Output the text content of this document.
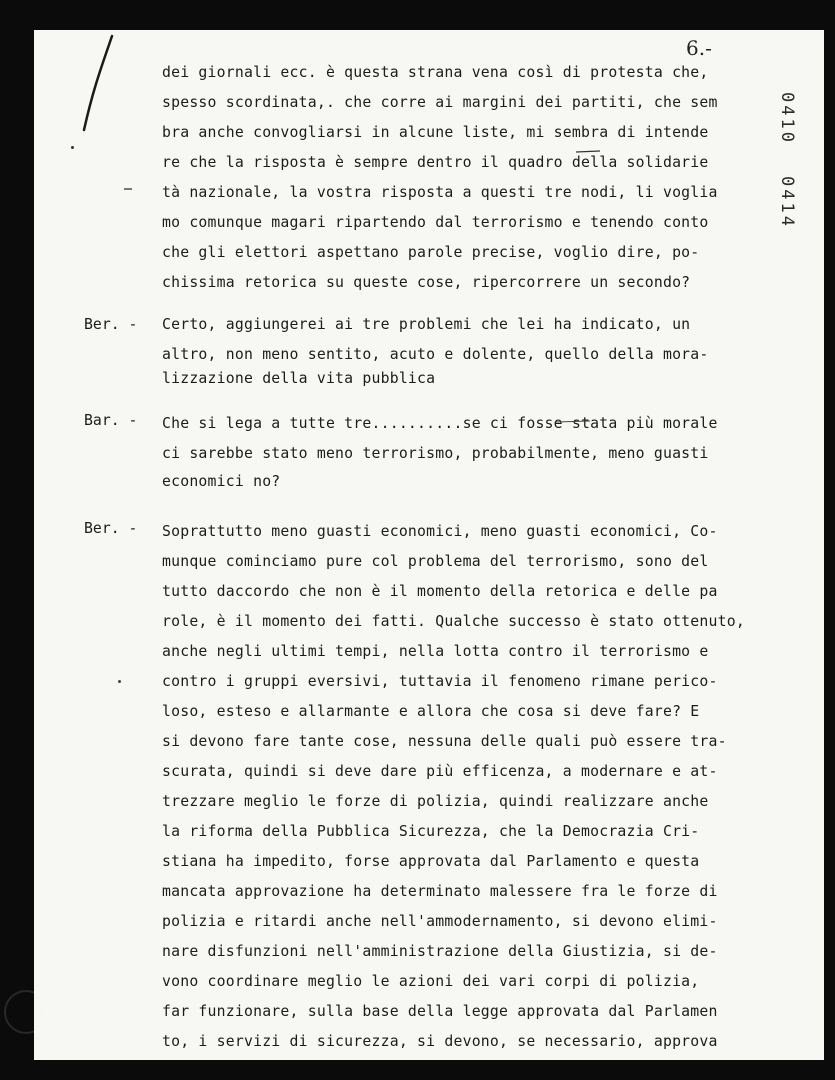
6.-
0410
0414
dei giornali ecc. è questa strana vena così di protesta che,
spesso scordinata,. che corre ai margini dei partiti, che sem
bra anche convogliarsi in alcune liste, mi sembra di intende
re che la risposta è sempre dentro il quadro della solidarie
tà nazionale, la vostra risposta a questi tre nodi, li voglia
mo comunque magari ripartendo dal terrorismo e tenendo conto
che gli elettori aspettano parole precise, voglio dire, po-
chissima retorica su queste cose, ripercorrere un secondo?
Ber. - Certo, aggiungerei ai tre problemi che lei ha indicato, un
altro, non meno sentito, acuto e dolente, quello della mora-
lizzazione della vita pubblica
Bar. - Che si lega a tutte tre..........se ci fosse stata più morale
ci sarebbe stato meno terrorismo, probabilmente, meno guasti
economici no?
Ber. - Soprattutto meno guasti economici, meno guasti economici, Co-
munque cominciamo pure col problema del terrorismo, sono del
tutto daccordo che non è il momento della retorica e delle pa
role, è il momento dei fatti. Qualche successo è stato ottenuto,
anche negli ultimi tempi, nella lotta contro il terrorismo e
contro i gruppi eversivi, tuttavia il fenomeno rimane perico-
loso, esteso e allarmante e allora che cosa si deve fare? E
si devono fare tante cose, nessuna delle quali può essere tra-
scurata, quindi si deve dare più efficenza, a modernare e at-
trezzare meglio le forze di polizia, quindi realizzare anche
la riforma della Pubblica Sicurezza, che la Democrazia Cri-
stiana ha impedito, forse approvata dal Parlamento e questa
mancata approvazione ha determinato malessere fra le forze di
polizia e ritardi anche nell'ammodernamento, si devono elimi-
nare disfunzioni nell'amministrazione della Giustizia, si de-
vono coordinare meglio le azioni dei vari corpi di polizia,
far funzionare, sulla base della legge approvata dal Parlamen
to, i servizi di sicurezza, si devono, se necessario, approva
